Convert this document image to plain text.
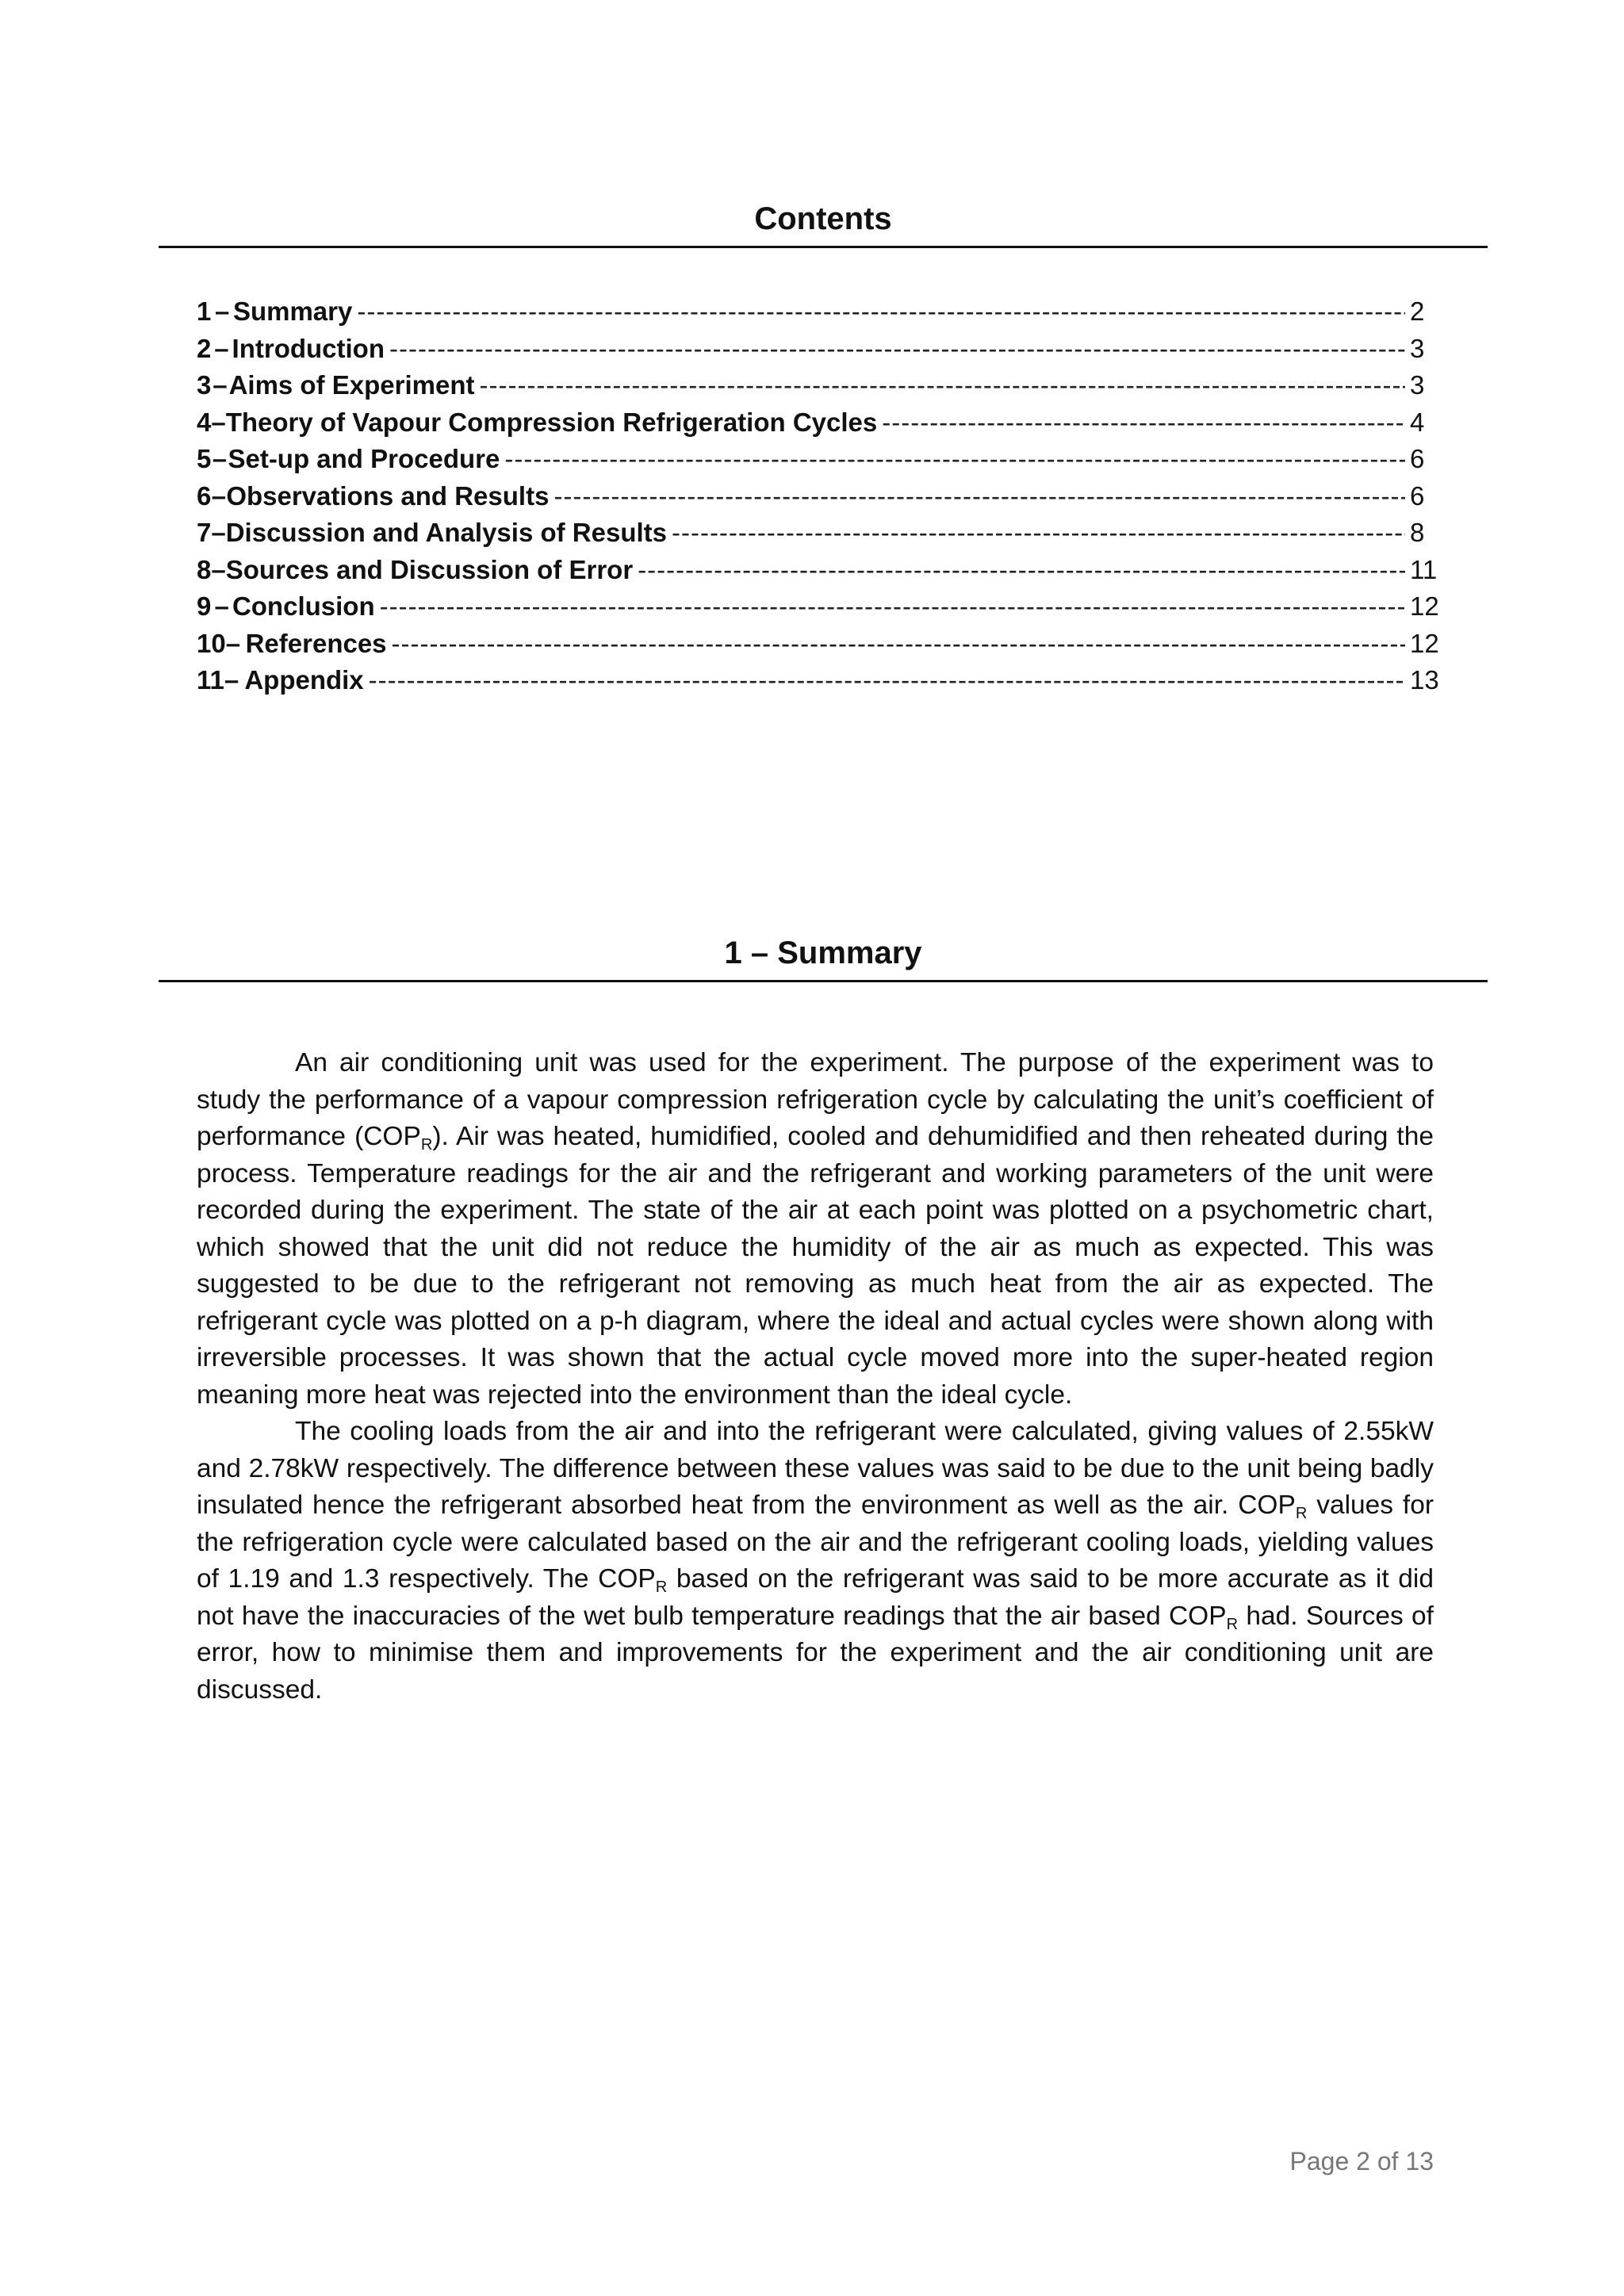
Contents
1 – Summary -----	2
2 – Introduction -----	3
3 – Aims of Experiment -----	3
4 – Theory of Vapour Compression Refrigeration Cycles -----	4
5 – Set-up and Procedure -----	6
6 – Observations and Results -----	6
7 – Discussion and Analysis of Results -----	8
8 – Sources and Discussion of Error -----	11
9 – Conclusion -----	12
10 – References -----	12
11 – Appendix -----	13
1 – Summary

An air conditioning unit was used for the experiment. The purpose of the experiment was to study the performance of a vapour compression refrigeration cycle by calculating the unit’s coefficient of performance $(COP_R)$. Air was heated, humidified, cooled and dehumidified and then reheated during the process. Temperature readings for the air and the refrigerant and working parameters of the unit were recorded during the experiment. The state of the air at each point was plotted on a psychometric chart, which showed that the unit did not reduce the humidity of the air as much as expected. This was suggested to be due to the refrigerant not removing as much heat from the air as expected. The refrigerant cycle was plotted on a p-h diagram, where the ideal and actual cycles were shown along with irreversible processes. It was shown that the actual cycle moved more into the super-heated region meaning more heat was rejected into the environment than the ideal cycle.

The cooling loads from the air and into the refrigerant were calculated, giving values of 2.55kW and 2.78kW respectively. The difference between these values was said to be due to the unit being badly insulated hence the refrigerant absorbed heat from the environment as well as the air. $COP_R$ values for the refrigeration cycle were calculated based on the air and the refrigerant cooling loads, yielding values of 1.19 and 1.3 respectively. The $COP_R$ based on the refrigerant was said to be more accurate as it did not have the inaccuracies of the wet bulb temperature readings that the air based $COP_R$ had. Sources of error, how to minimise them and improvements for the experiment and the air conditioning unit are discussed.

Page 2 of 13
